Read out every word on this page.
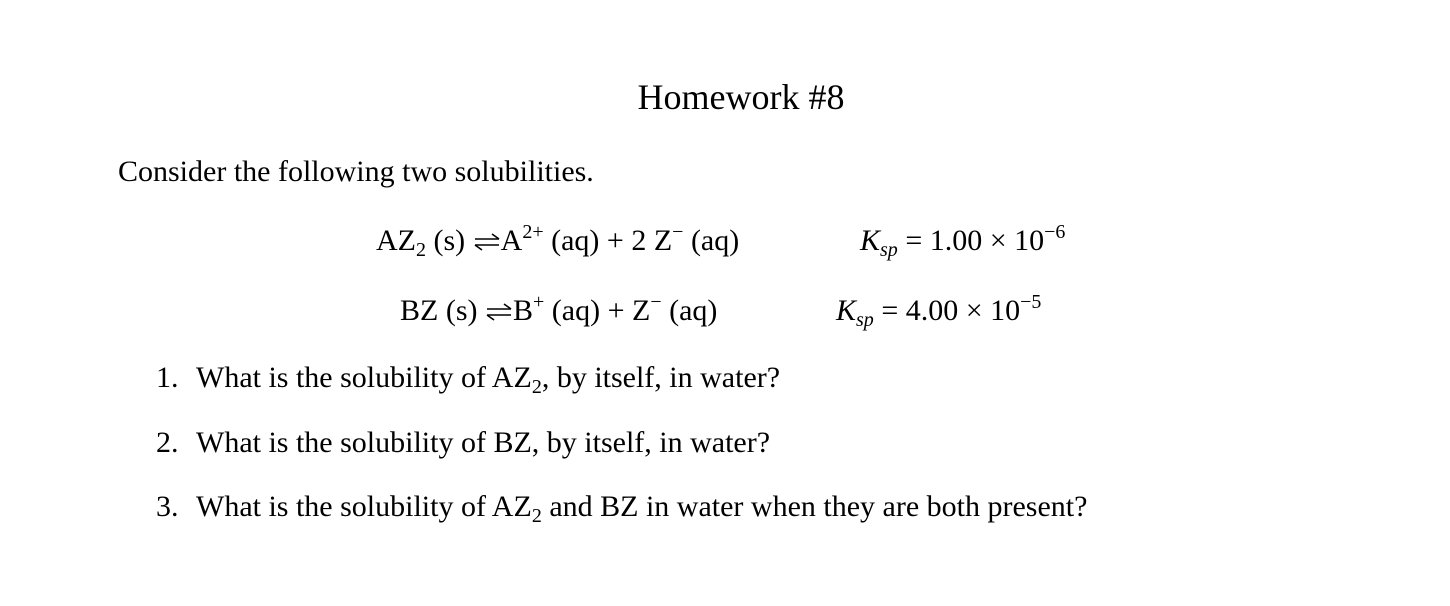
Homework #8
Consider the following two solubilities.
$AZ_2$ (s) $\rightleftharpoons A^{2+}$ (aq) + 2 Z− (aq)	$K_{sp} = 1.00 \times 10^{-6}$
BZ (s) ⇌B+ (aq) + Z− (aq)	$K_{sp} = 4.00 \times 10^{-5}$
1. What is the solubility of $AZ_2$, by itself, in water?
2. What is the solubility of BZ, by itself, in water?
3. What is the solubility of $AZ_2$ and BZ in water when they are both present?
